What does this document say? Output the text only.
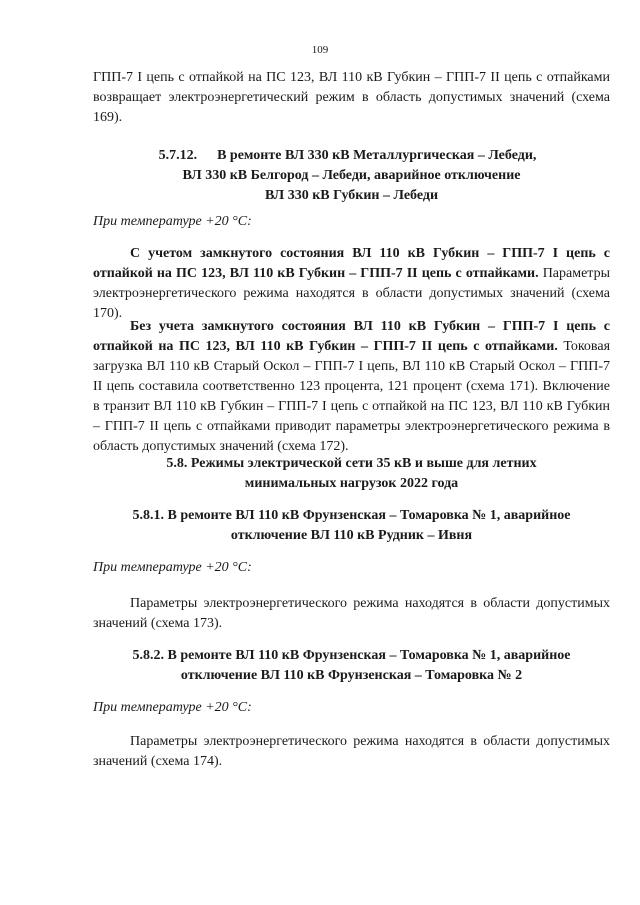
109
ГПП-7 I цепь с отпайкой на ПС 123, ВЛ 110 кВ Губкин – ГПП-7 II цепь с отпайками возвращает электроэнергетический режим в область допустимых значений (схема 169).
5.7.12. В ремонте ВЛ 330 кВ Металлургическая – Лебеди,
ВЛ 330 кВ Белгород – Лебеди, аварийное отключение
ВЛ 330 кВ Губкин – Лебеди
При температуре +20 °С:
С учетом замкнутого состояния ВЛ 110 кВ Губкин – ГПП-7 I цепь с отпайкой на ПС 123, ВЛ 110 кВ Губкин – ГПП-7 II цепь с отпайками. Параметры электроэнергетического режима находятся в области допустимых значений (схема 170).
Без учета замкнутого состояния ВЛ 110 кВ Губкин – ГПП-7 I цепь с отпайкой на ПС 123, ВЛ 110 кВ Губкин – ГПП-7 II цепь с отпайками. Токовая загрузка ВЛ 110 кВ Старый Оскол – ГПП-7 I цепь, ВЛ 110 кВ Старый Оскол – ГПП-7 II цепь составила соответственно 123 процента, 121 процент (схема 171). Включение в транзит ВЛ 110 кВ Губкин – ГПП-7 I цепь с отпайкой на ПС 123, ВЛ 110 кВ Губкин – ГПП-7 II цепь с отпайками приводит параметры электроэнергетического режима в область допустимых значений (схема 172).
5.8. Режимы электрической сети 35 кВ и выше для летних
минимальных нагрузок 2022 года
5.8.1. В ремонте ВЛ 110 кВ Фрунзенская – Томаровка № 1, аварийное
отключение ВЛ 110 кВ Рудник – Ивня
При температуре +20 °С:
Параметры электроэнергетического режима находятся в области допустимых значений (схема 173).
5.8.2. В ремонте ВЛ 110 кВ Фрунзенская – Томаровка № 1, аварийное
отключение ВЛ 110 кВ Фрунзенская – Томаровка № 2
При температуре +20 °С:
Параметры электроэнергетического режима находятся в области допустимых значений (схема 174).
